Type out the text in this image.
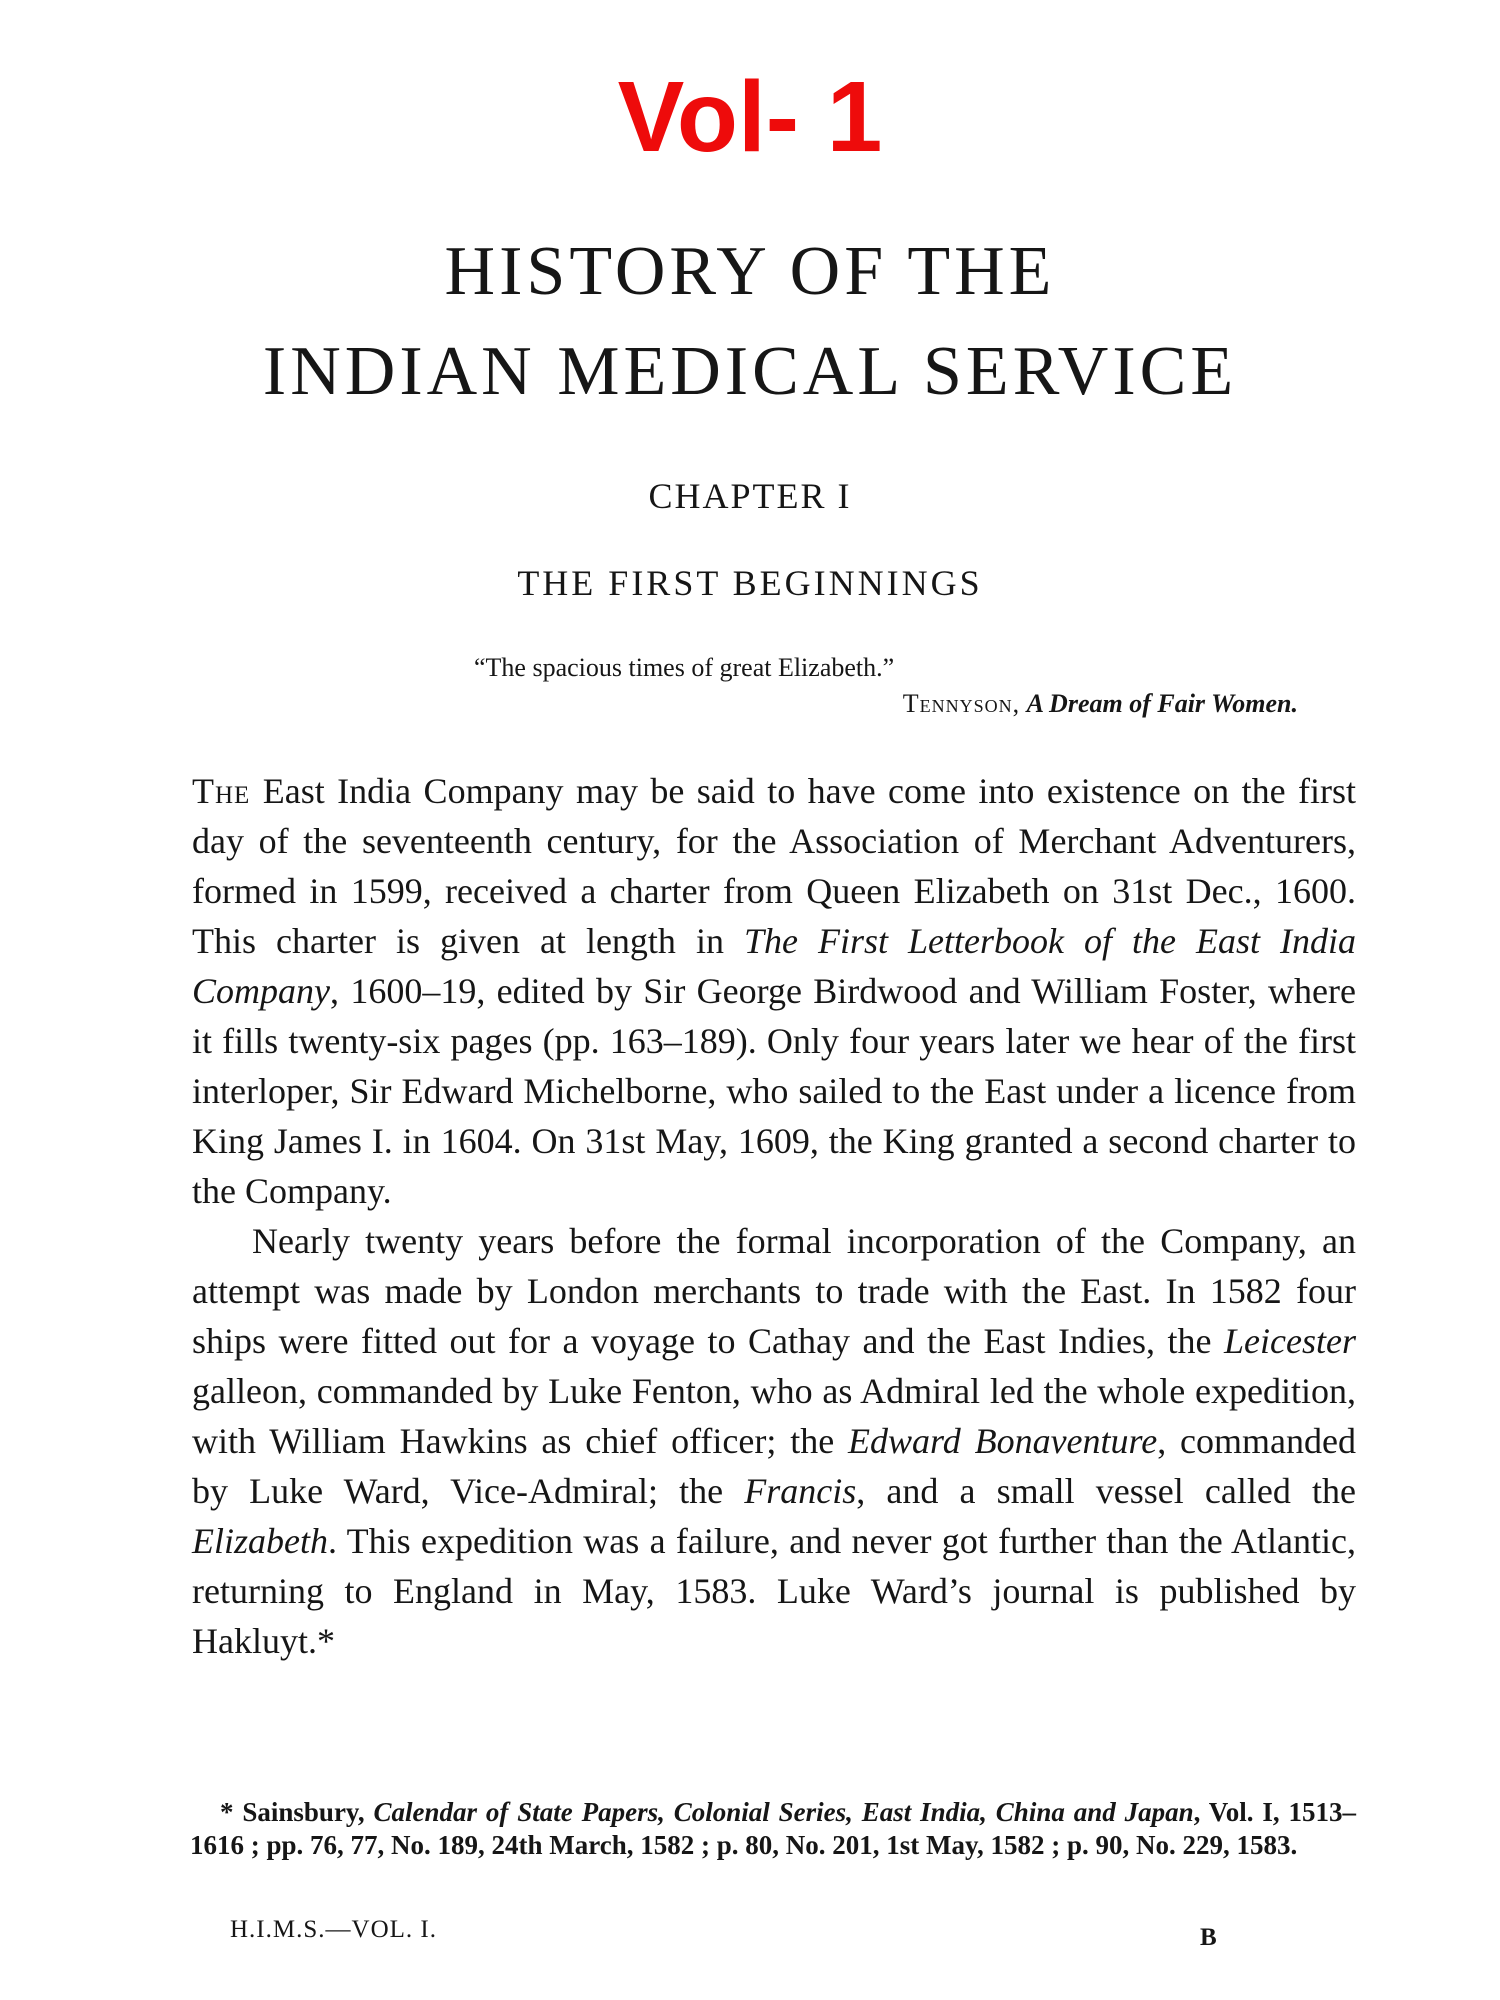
Vol- 1
HISTORY OF THE
INDIAN MEDICAL SERVICE
CHAPTER I
THE FIRST BEGINNINGS
“The spacious times of great Elizabeth.”
Tennyson, A Dream of Fair Women.

The East India Company may be said to have come into existence on the first day of the seventeenth century, for the Association of Merchant Adventurers, formed in 1599, received a charter from Queen Elizabeth on 31st Dec., 1600. This charter is given at length in The First Letterbook of the East India Company, 1600–19, edited by Sir George Birdwood and William Foster, where it fills twenty-six pages (pp. 163–189). Only four years later we hear of the first interloper, Sir Edward Michelborne, who sailed to the East under a licence from King James I. in 1604. On 31st May, 1609, the King granted a second charter to the Company.

Nearly twenty years before the formal incorporation of the Company, an attempt was made by London merchants to trade with the East. In 1582 four ships were fitted out for a voyage to Cathay and the East Indies, the Leicester galleon, commanded by Luke Fenton, who as Admiral led the whole expedition, with William Hawkins as chief officer; the Edward Bonaventure, commanded by Luke Ward, Vice-Admiral; the Francis, and a small vessel called the Elizabeth. This expedition was a failure, and never got further than the Atlantic, returning to England in May, 1583. Luke Ward’s journal is published by Hakluyt.*

* Sainsbury, Calendar of State Papers, Colonial Series, East India, China and Japan, Vol. I, 1513–1616 ; pp. 76, 77, No. 189, 24th March, 1582 ; p. 80, No. 201, 1st May, 1582 ; p. 90, No. 229, 1583.

H.I.M.S.—VOL. I.	B
